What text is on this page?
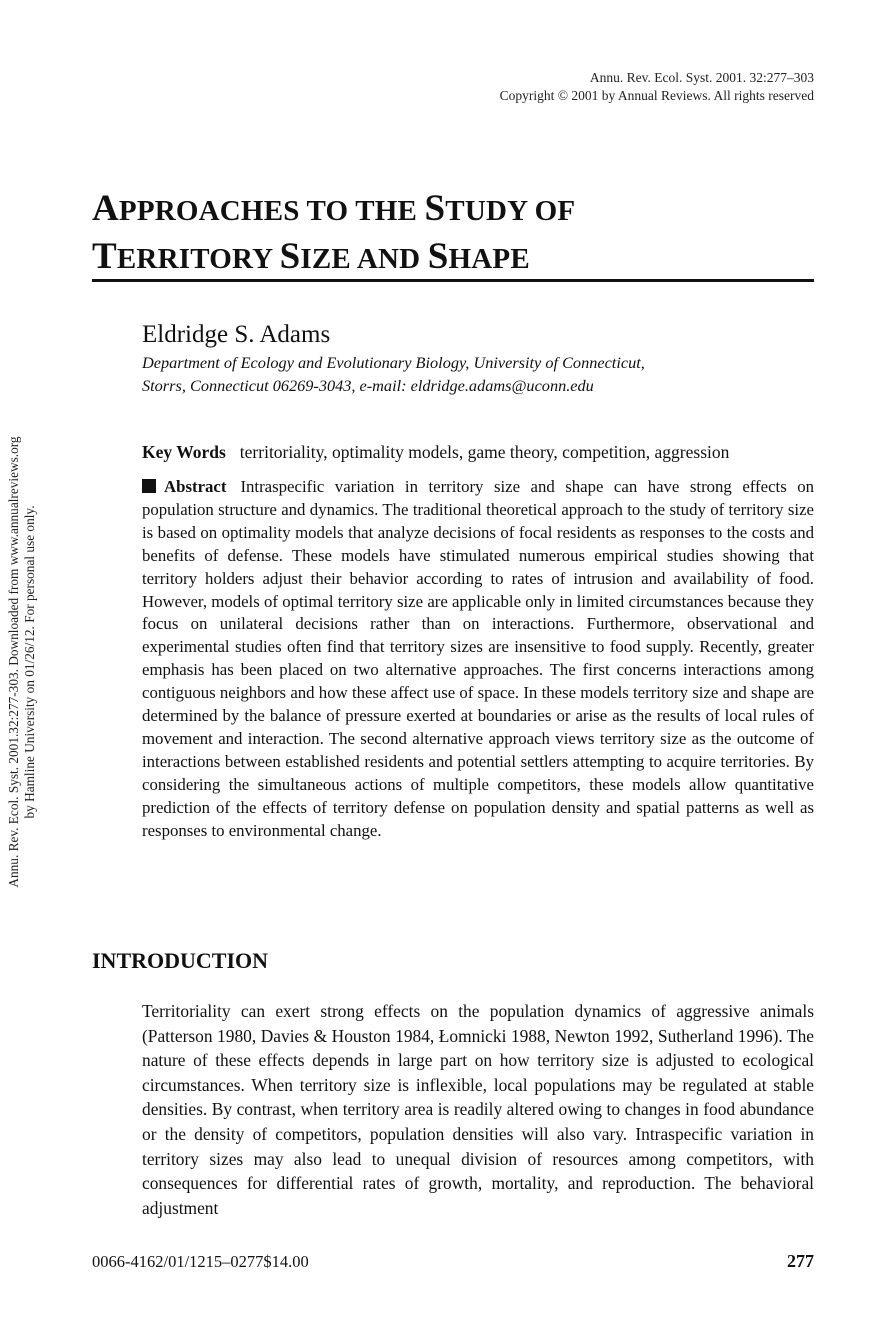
Annu. Rev. Ecol. Syst. 2001. 32:277–303
Copyright © 2001 by Annual Reviews. All rights reserved
APPROACHES TO THE STUDY OF
TERRITORY SIZE AND SHAPE
Eldridge S. Adams
Department of Ecology and Evolutionary Biology, University of Connecticut,
Storrs, Connecticut 06269-3043, e-mail: eldridge.adams@uconn.edu
Key Words territoriality, optimality models, game theory, competition, aggression
Abstract Intraspecific variation in territory size and shape can have strong effects on population structure and dynamics. The traditional theoretical approach to the study of territory size is based on optimality models that analyze decisions of focal residents as responses to the costs and benefits of defense. These models have stimulated numerous empirical studies showing that territory holders adjust their behavior according to rates of intrusion and availability of food. However, models of optimal territory size are applicable only in limited circumstances because they focus on unilateral decisions rather than on interactions. Furthermore, observational and experimental studies often find that territory sizes are insensitive to food supply. Recently, greater emphasis has been placed on two alternative approaches. The first concerns interactions among contiguous neighbors and how these affect use of space. In these models territory size and shape are determined by the balance of pressure exerted at boundaries or arise as the results of local rules of movement and interaction. The second alternative approach views territory size as the outcome of interactions between established residents and potential settlers attempting to acquire territories. By considering the simultaneous actions of multiple competitors, these models allow quantitative prediction of the effects of territory defense on population density and spatial patterns as well as responses to environmental change.
INTRODUCTION
Territoriality can exert strong effects on the population dynamics of aggressive animals (Patterson 1980, Davies & Houston 1984, Łomnicki 1988, Newton 1992, Sutherland 1996). The nature of these effects depends in large part on how territory size is adjusted to ecological circumstances. When territory size is inflexible, local populations may be regulated at stable densities. By contrast, when territory area is readily altered owing to changes in food abundance or the density of competitors, population densities will also vary. Intraspecific variation in territory sizes may also lead to unequal division of resources among competitors, with consequences for differential rates of growth, mortality, and reproduction. The behavioral adjustment
0066-4162/01/1215–0277$14.00	277
Annu. Rev. Ecol. Syst. 2001.32:277-303. Downloaded from www.annualreviews.org by Hamline University on 01/26/12. For personal use only.
